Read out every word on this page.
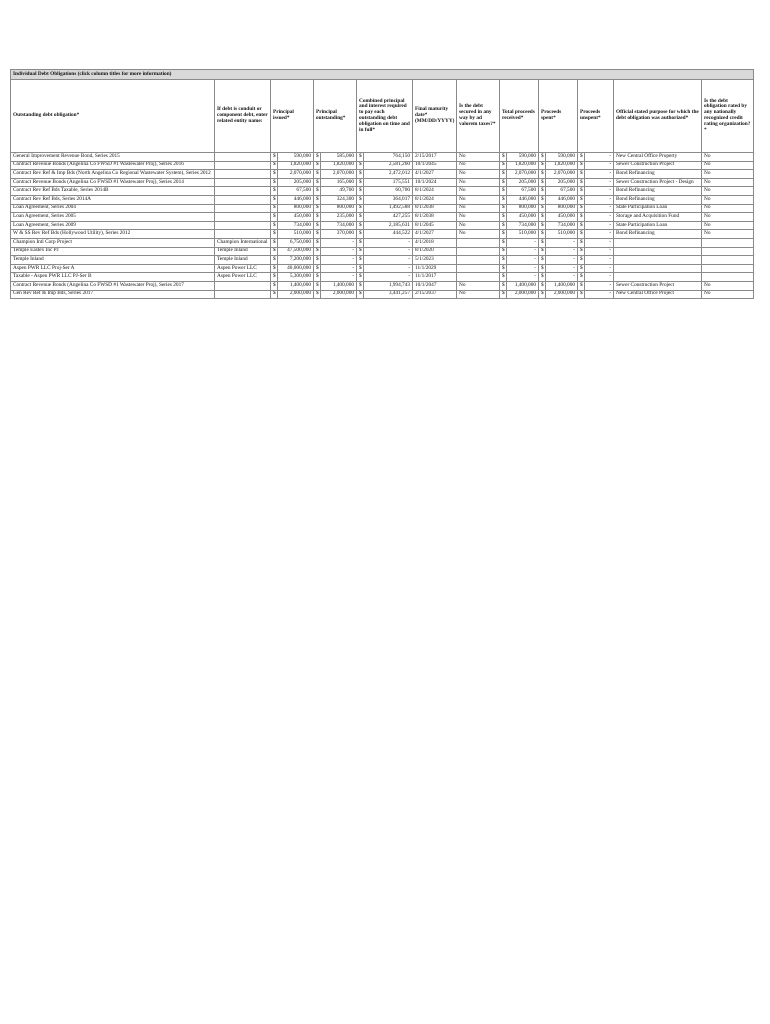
Individual Debt Obligations (click column titles for more information)																	
Outstanding debt obligation*	If debt is conduit or component debt, enter related entity name:	Principal issued*		Principal outstanding*		Combined principal and interest required to pay each outstanding debt obligation on time and in full*		Final maturity date* (MM/DD/YYYY)	Is the debt secured in any way by ad valorem taxes?*	Total proceeds received*		Proceeds spent*		Proceeds unspent*		Official stated purpose for which the debt obligation was authorized*	Is the debt obligation rated by any nationally recognized credit rating organization?*
General Improvement Revenue Bond, Series 2015		$	590,000	$	585,000	$	764,150	2/15/2017	No	$	590,000	$	590,000	$	-	New Central Office Property	No
Contract Revenue Bonds (Angelina Co FWSD #1 Wastewater Proj), Series 2016		$	1,820,000	$	1,820,000	$	2,581,260	10/1/2045	No	$	1,820,000	$	1,820,000	$	-	Sewer Construction Project	No
Contract Rev Ref & Imp Bds (North Angelina Co Regional Wastewater System), Series 2012		$	2,070,000	$	2,070,000	$	2,472,012	4/1/2027	No	$	2,070,000	$	2,070,000	$	-	Bond Refinancing	No
Contract Revenue Bonds (Angelina Co FWSD #1 Wastewater Proj), Series 2014		$	205,000	$	165,000	$	175,551	10/1/2024	No	$	205,000	$	205,000	$	-	Sewer Construction Project - Design	No
Contract Rev Ref Bds Taxable, Series 2014B		$	67,500	$	49,700	$	60,700	8/1/2024	No	$	67,500	$	67,500	$	-	Bond Refinancing	No
Contract Rev Ref Bds, Series 2014A		$	446,000	$	324,300	$	364,017	8/1/2024	No	$	446,000	$	446,000	$	-	Bond Refinancing	No
Loan Agreement, Series 2004		$	800,000	$	800,000	$	1,492,588	8/1/2038	No	$	800,000	$	800,000	$	-	State Participation Loan	No
Loan Agreement, Series 2005		$	450,000	$	235,000	$	427,255	8/1/2038	No	$	450,000	$	450,000	$	-	Storage and Acquisition Fund	No
Loan Agreement, Series 2009		$	734,000	$	734,000	$	2,185,631	8/1/2045	No	$	734,000	$	734,000	$	-	State Participation Loan	No
W & SS Rev Ref Bds (Hollywood Utility), Series 2012		$	510,000	$	370,000	$	444,522	4/1/2027	No	$	510,000	$	510,000	$	-	Bond Refinancing	No
Champion Intl Corp Project	Champion International	$	6,750,000	$	-	$	-	4/1/2018		$	-	$	-	$	-		
Temple Eastex Inc PJ	Temple Inland	$	47,500,000	$	-	$	-	8/1/2020		$	-	$	-	$	-		
Temple Inland	Temple Inland	$	7,200,000	$	-	$	-	5/1/2023		$	-	$	-	$	-		
Aspen PWR LLC Proj-Ser A	Aspen Power LLC	$	40,000,000	$	-	$	-	11/1/2029		$	-	$	-	$	-		
Taxable - Aspen PWR LLC PJ-Ser B	Aspen Power LLC	$	5,300,000	$	-	$	-	11/1/2017		$	-	$	-	$	-		
Contract Revenue Bonds (Angelina Co FWSD #1 Wastewater Proj), Series 2017		$	1,400,000	$	1,400,000	$	1,994,743	10/1/2047	No	$	1,400,000	$	1,400,000	$	-	Sewer Construction Project	No
Gen Rev Ref & Imp Bds, Series 2017		$	2,000,000	$	2,000,000	$	3,441,257	2/15/2037	No	$	2,000,000	$	2,000,000	$	-	New Central Office Project	No
